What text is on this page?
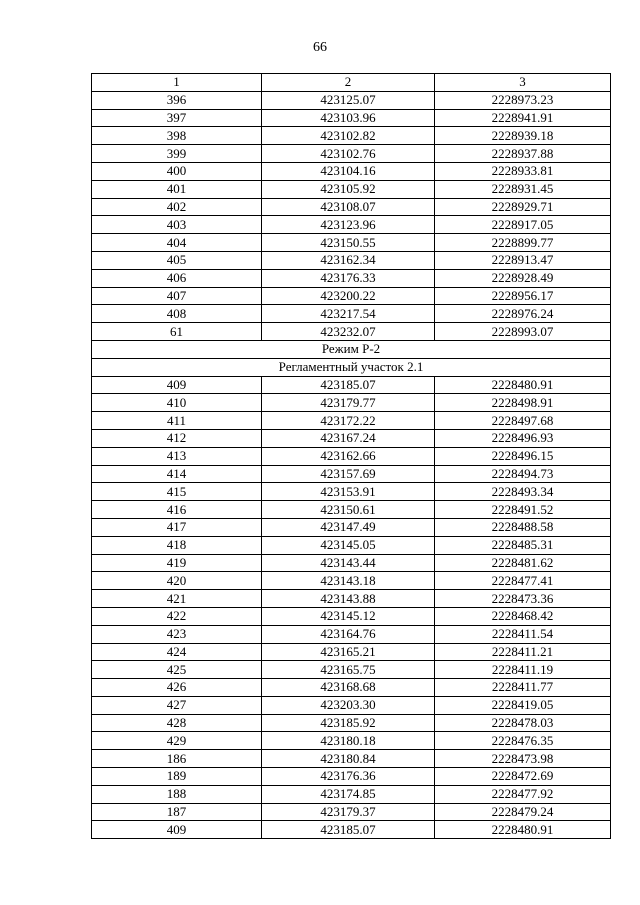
66
1	2	3
396	423125.07	2228973.23
397	423103.96	2228941.91
398	423102.82	2228939.18
399	423102.76	2228937.88
400	423104.16	2228933.81
401	423105.92	2228931.45
402	423108.07	2228929.71
403	423123.96	2228917.05
404	423150.55	2228899.77
405	423162.34	2228913.47
406	423176.33	2228928.49
407	423200.22	2228956.17
408	423217.54	2228976.24
61	423232.07	2228993.07
Режим Р-2		
Регламентный участок 2.1		
409	423185.07	2228480.91
410	423179.77	2228498.91
411	423172.22	2228497.68
412	423167.24	2228496.93
413	423162.66	2228496.15
414	423157.69	2228494.73
415	423153.91	2228493.34
416	423150.61	2228491.52
417	423147.49	2228488.58
418	423145.05	2228485.31
419	423143.44	2228481.62
420	423143.18	2228477.41
421	423143.88	2228473.36
422	423145.12	2228468.42
423	423164.76	2228411.54
424	423165.21	2228411.21
425	423165.75	2228411.19
426	423168.68	2228411.77
427	423203.30	2228419.05
428	423185.92	2228478.03
429	423180.18	2228476.35
186	423180.84	2228473.98
189	423176.36	2228472.69
188	423174.85	2228477.92
187	423179.37	2228479.24
409	423185.07	2228480.91
